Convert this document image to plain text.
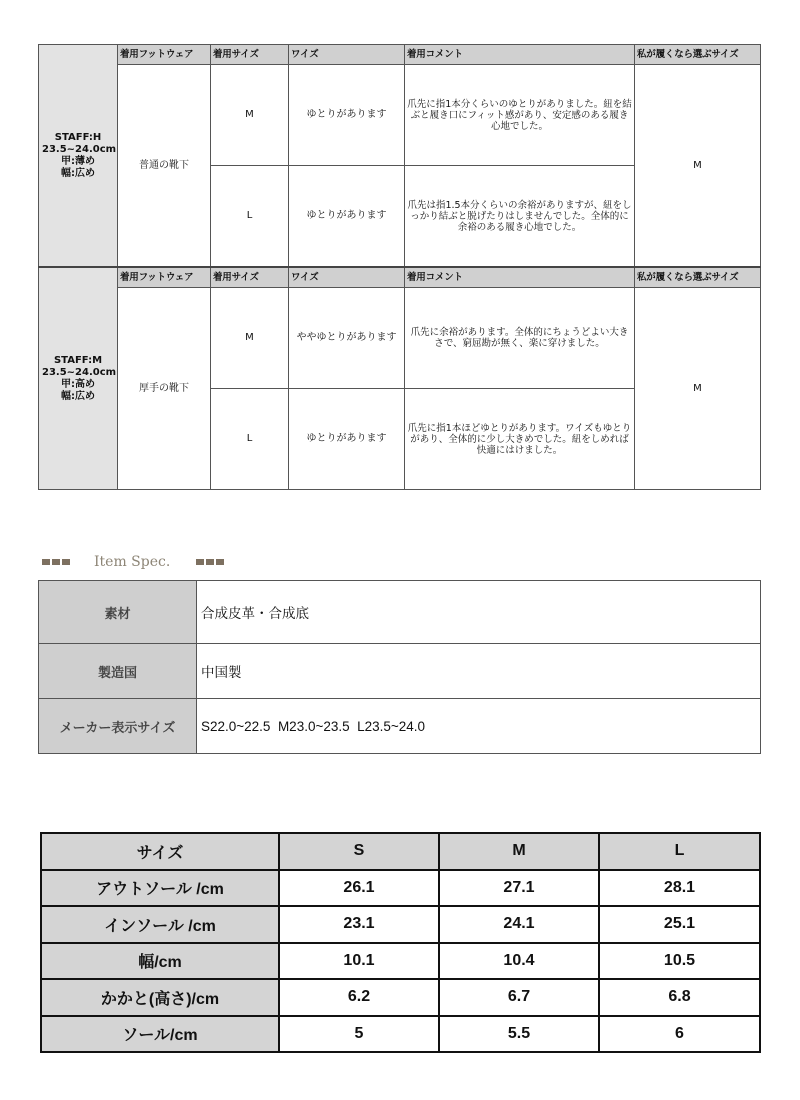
STAFF:H
23.5~24.0cm
甲:薄め
幅:広め	着用フットウェア	着用サイズ	ワイズ	着用コメント	私が履くなら選ぶサイズ
	普通の靴下	M	ゆとりがあります	爪先に指1本分くらいのゆとりがありました。紐を結ぶと履き口にフィット感があり、安定感のある履き心地でした。	M
		L	ゆとりがあります	爪先は指1.5本分くらいの余裕がありますが、紐をしっかり結ぶと脱げたりはしませんでした。全体的に余裕のある履き心地でした。	

STAFF:M
23.5~24.0cm
甲:高め
幅:広め	着用フットウェア	着用サイズ	ワイズ	着用コメント	私が履くなら選ぶサイズ
	厚手の靴下	M	ややゆとりがあります	爪先に余裕があります。全体的にちょうどよい大きさで、窮屈勘が無く、楽に穿けました。	M
		L	ゆとりがあります	爪先に指1本ほどゆとりがあります。ワイズもゆとりがあり、全体的に少し大きめでした。紐をしめれば快適にはけました。	
Item Spec.
素材	合成皮革・合成底
製造国	中国製
メーカー表示サイズ	S22.0~22.5  M23.0~23.5  L23.5~24.0
サイズ	S	M	L
アウトソール /cm	26.1	27.1	28.1
インソール /cm	23.1	24.1	25.1
幅/cm	10.1	10.4	10.5
かかと(高さ)/cm	6.2	6.7	6.8
ソール/cm	5	5.5	6
